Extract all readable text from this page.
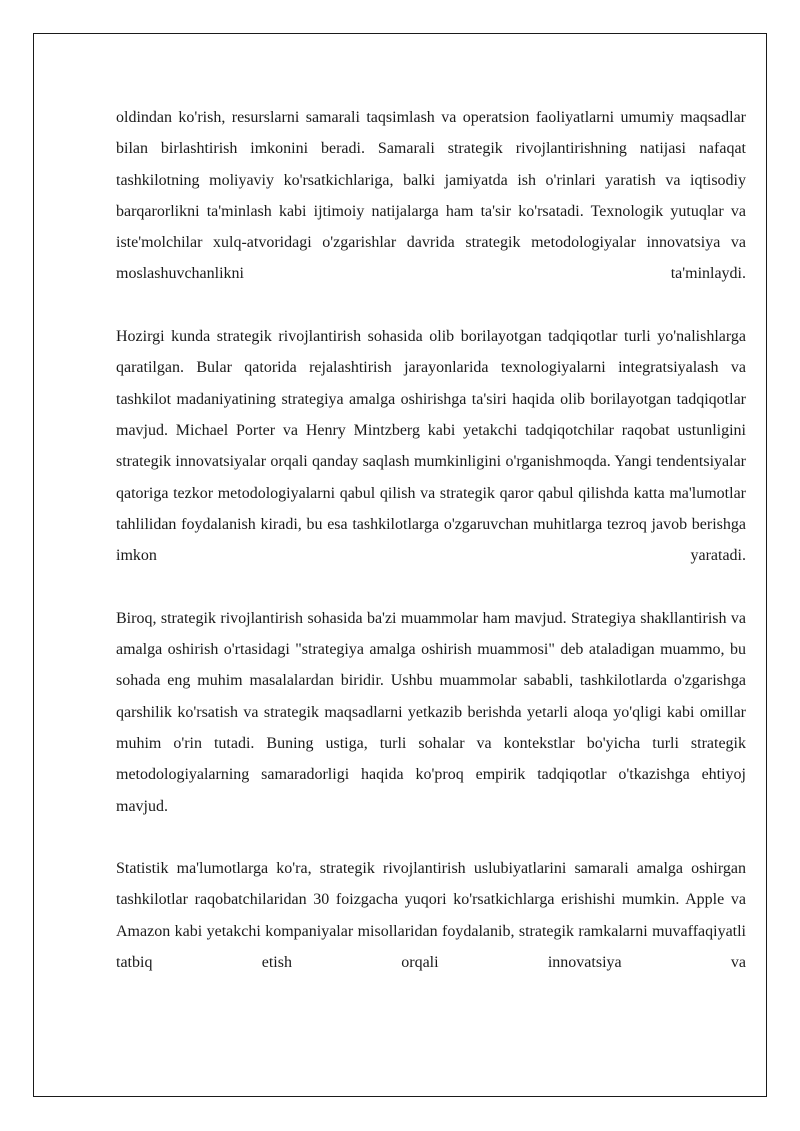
oldindan ko'rish, resurslarni samarali taqsimlash va operatsion faoliyatlarni umumiy maqsadlar bilan birlashtirish imkonini beradi. Samarali strategik rivojlantirishning natijasi nafaqat tashkilotning moliyaviy ko'rsatkichlariga, balki jamiyatda ish o'rinlari yaratish va iqtisodiy barqarorlikni ta'minlash kabi ijtimoiy natijalarga ham ta'sir ko'rsatadi. Texnologik yutuqlar va iste'molchilar xulq-atvoridagi o'zgarishlar davrida strategik metodologiyalar innovatsiya va moslashuvchanlikni ta'minlaydi.

Hozirgi kunda strategik rivojlantirish sohasida olib borilayotgan tadqiqotlar turli yo'nalishlarga qaratilgan. Bular qatorida rejalashtirish jarayonlarida texnologiyalarni integratsiyalash va tashkilot madaniyatining strategiya amalga oshirishga ta'siri haqida olib borilayotgan tadqiqotlar mavjud. Michael Porter va Henry Mintzberg kabi yetakchi tadqiqotchilar raqobat ustunligini strategik innovatsiyalar orqali qanday saqlash mumkinligini o'rganishmoqda. Yangi tendentsiyalar qatoriga tezkor metodologiyalarni qabul qilish va strategik qaror qabul qilishda katta ma'lumotlar tahlilidan foydalanish kiradi, bu esa tashkilotlarga o'zgaruvchan muhitlarga tezroq javob berishga imkon yaratadi.

Biroq, strategik rivojlantirish sohasida ba'zi muammolar ham mavjud. Strategiya shakllantirish va amalga oshirish o'rtasidagi "strategiya amalga oshirish muammosi" deb ataladigan muammo, bu sohada eng muhim masalalardan biridir. Ushbu muammolar sababli, tashkilotlarda o'zgarishga qarshilik ko'rsatish va strategik maqsadlarni yetkazib berishda yetarli aloqa yo'qligi kabi omillar muhim o'rin tutadi. Buning ustiga, turli sohalar va kontekstlar bo'yicha turli strategik metodologiyalarning samaradorligi haqida ko'proq empirik tadqiqotlar o'tkazishga ehtiyoj mavjud.

Statistik ma'lumotlarga ko'ra, strategik rivojlantirish uslubiyatlarini samarali amalga oshirgan tashkilotlar raqobatchilaridan 30 foizgacha yuqori ko'rsatkichlarga erishishi mumkin. Apple va Amazon kabi yetakchi kompaniyalar misollaridan foydalanib, strategik ramkalarni muvaffaqiyatli tatbiq etish orqali innovatsiya va
